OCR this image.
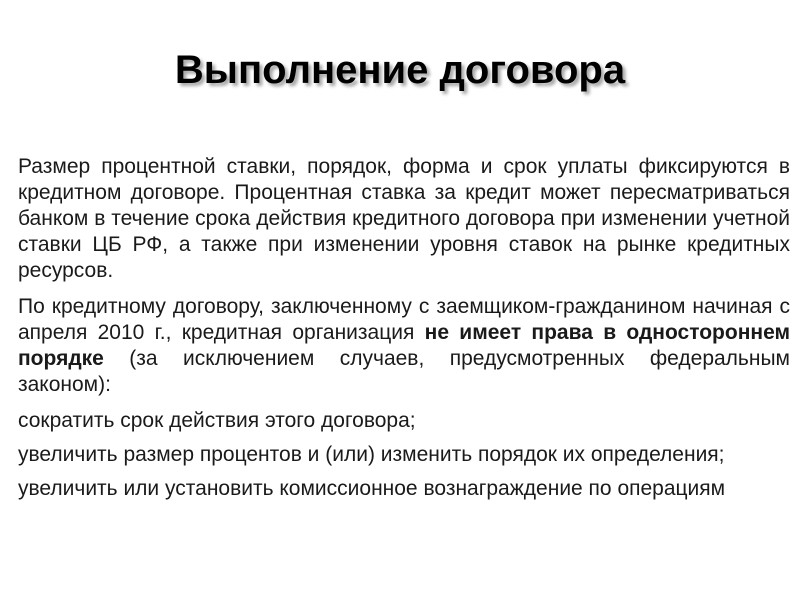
Выполнение договора

Размер процентной ставки, порядок, форма и срок уплаты фиксируются в кредитном договоре. Процентная ставка за кредит может пересматриваться банком в течение срока действия кредитного договора при изменении учетной ставки ЦБ РФ, а также при изменении уровня ставок на рынке кредитных ресурсов.

По кредитному договору, заключенному с заемщиком-гражданином начиная с апреля 2010 г., кредитная организация не имеет права в одностороннем порядке (за исключением случаев, предусмотренных федеральным законом):

сократить срок действия этого договора;

увеличить размер процентов и (или) изменить порядок их определения;

увеличить или установить комиссионное вознаграждение по операциям
